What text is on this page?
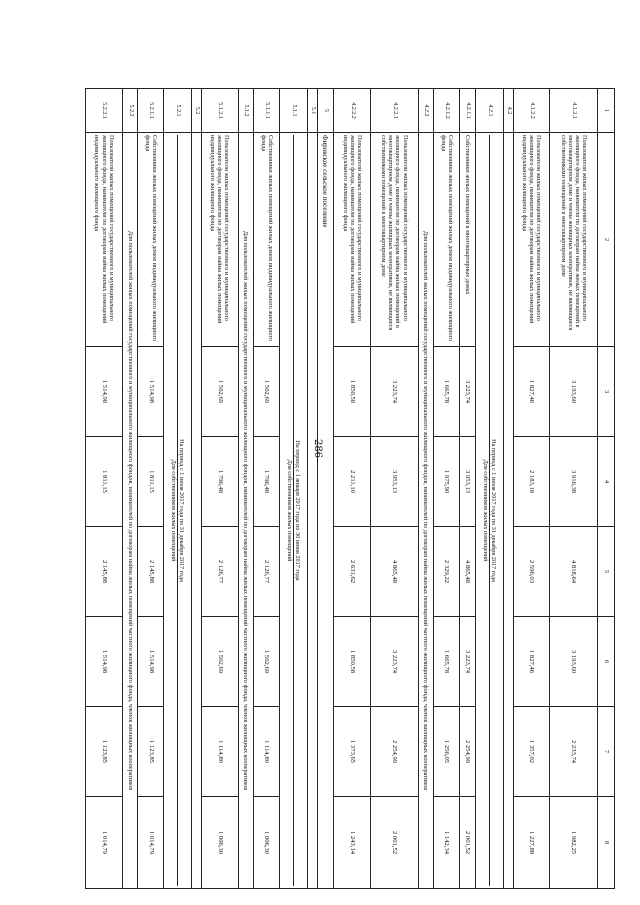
286
1	2	3	4	5	6	7	8
4.1.2.1	Пользователи жилых помещений государственного и муниципального жилищного фонда, нанимателя по договорам найма жилых помещений в многоквартирном доме и члены жилищных кооперативов, не являющиеся собственниками помещений в многоквартирном доме	3 193,60	3 916,38	4 818,64	3 193,60	2 233,74	1 982,25
4.1.2.2	Пользователи жилых помещений государственного и муниципального жилищного фонда, наниматели по договорам найма жилых помещений индивидуального жилищного фонда	1 827,46	2 183,18	2 596,03	1 827,46	1 357,02	1 227,88
4.2							
4.2.1	На период с 1 июля 2017 года по 31 декабря 2017 года
Для собственников жилых помещений						

4.2.1.1	Собственники жилых помещений в многоквартирных домах	3 223,74	3 953,13	4 865,48	3 223,74	2 254,99	2 001,52
4.2.1.2	Собственники жилых помещений жилых домов индивидуального жилищного фонда	1 665,78	1 975,90	2 329,22	1 665,78	1 256,05	1 142,34
4.2.2	Для пользователей жилых помещений государственного и муниципального жилищного фондов, нанимателей по договорам найма жилых помещений частного жилищного фонда, членов жилищных кооперативов						
4.2.2.1	Пользователи жилых помещений государственного и муниципального жилищного фонда, наниматели по договорам найма жилых помещений в многоквартирном доме и члены жилищных кооперативов, не являющиеся собственниками помещений в многоквартирном доме	3 223,74	3 953,13	4 865,48	3 223,74	2 254,99	2 001,52
4.2.2.2	Пользователи жилых помещений государственного и муниципального жилищного фонда, наниматели по договорам найма жилых помещений индивидуального жилищного фонда	1 850,58	2 211,10	2 631,62	1 850,58	1 373,65	1 243,14
5	Фировское сельское поселение						
5.1							
5.1.1	На период с 1 января 2017 года по 30 июня 2017 года
Для собственников жилых помещений						

5.1.1.1	Собственники жилых помещений жилых домов индивидуального жилищного фонда	1 502,69	1 796,48	2 126,77	1 502,69	1 114,80	1 006,30
5.1.2	Для пользователей жилых помещений государственного и муниципального жилищного фондов, нанимателей по договорам найма жилых помещений частного жилищного фонда, членов жилищных кооперативов						
5.1.2.1	Пользователи жилых помещений государственного и муниципального жилищного фонда, наниматели по договорам найма жилых помещений индивидуального жилищного фонда	1 502,69	1 796,48	2 126,77	1 502,69	1 114,80	1 006,30
5.2							
5.2.1	На период с 1 июля 2017 года по 31 декабря 2017 года
Для собственников жилых помещений						

5.2.1.1	Собственники жилых помещений жилых домов индивидуального жилищного фонда	1 514,98	1 811,15	2 145,88	1 514,98	1 123,85	1 014,79
5.2.2	Для пользователей жилых помещений государственного и муниципального жилищного фондов, нанимателей по договорам найма жилых помещений частного жилищного фонда, членов жилищных кооперативов						
5.2.2.1	Пользователи жилых помещений государственного и муниципального жилищного фонда, наниматели по договорам найма жилых помещений индивидуального жилищного фонда	1 514,98	1 811,15	2 145,88	1 514,98	1 123,85	1 014,79
